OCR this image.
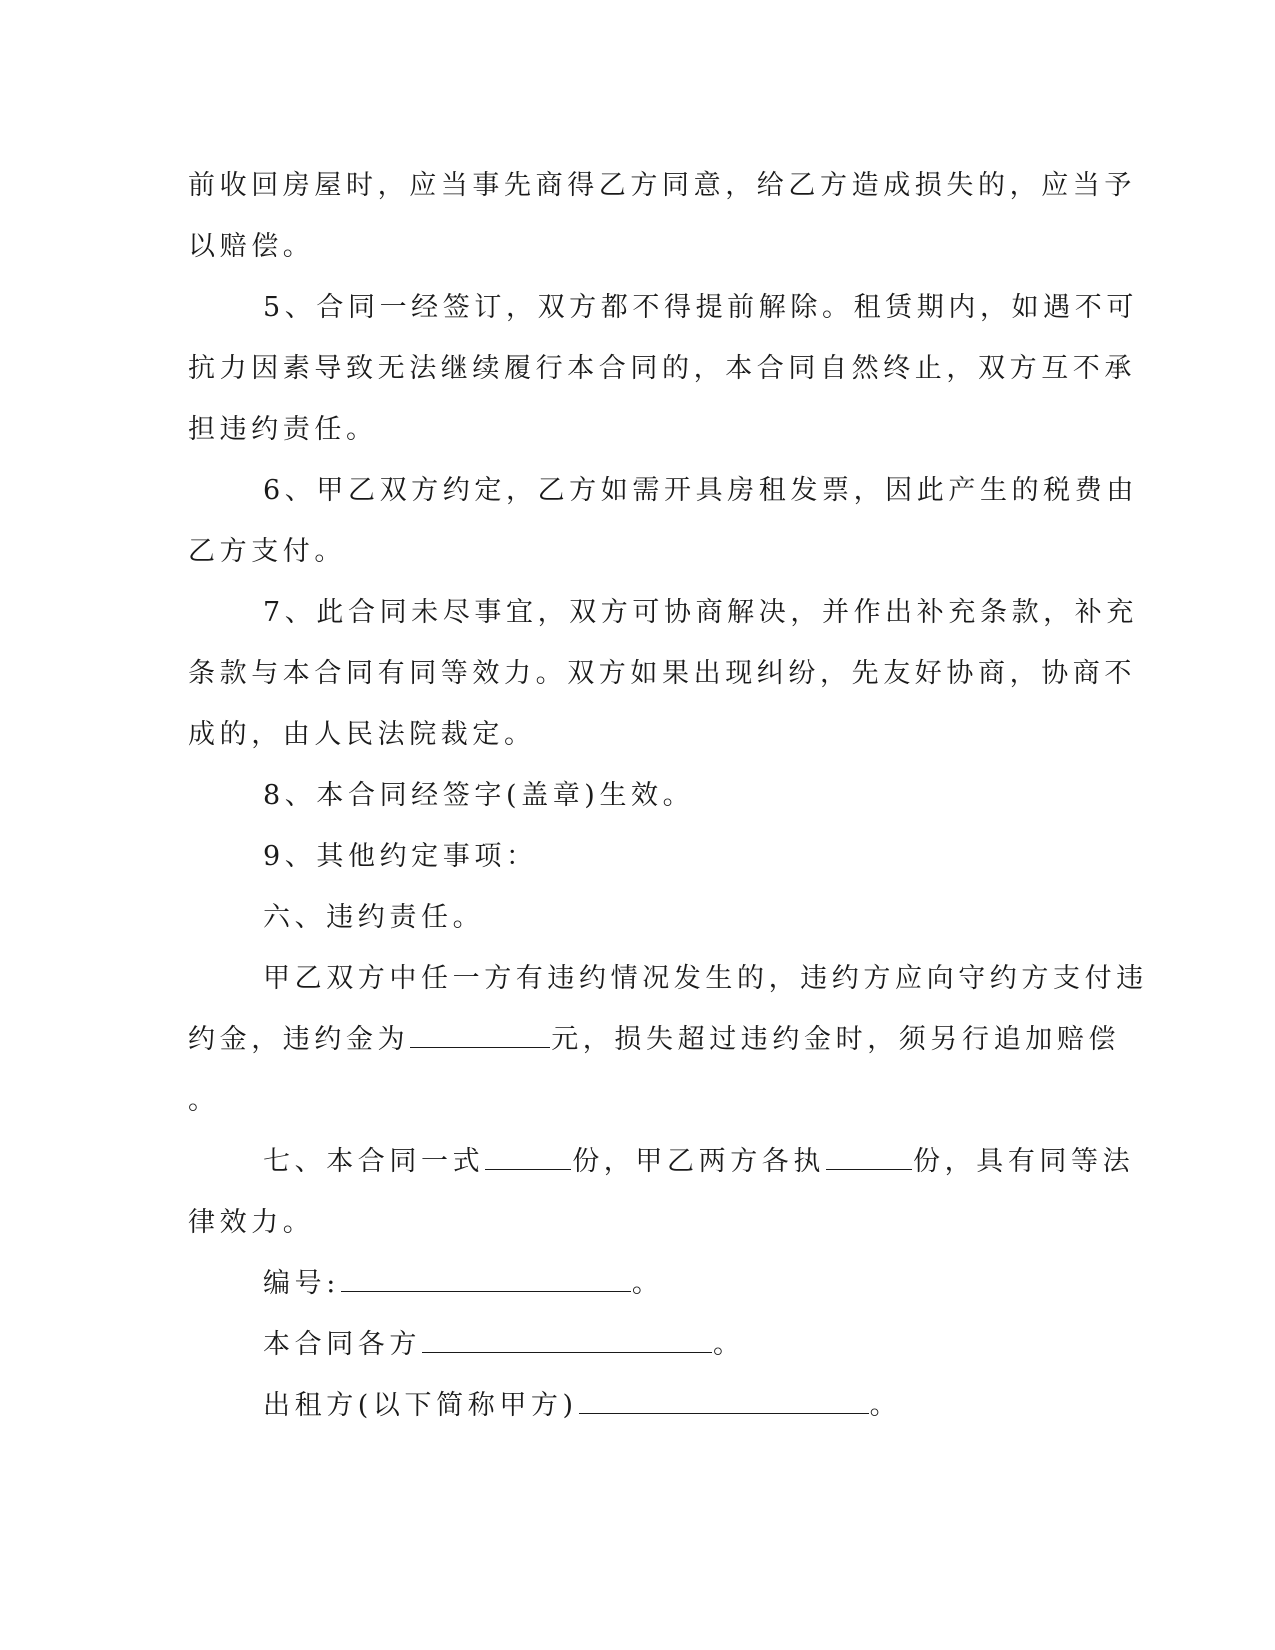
前收回房屋时，应当事先商得乙方同意，给乙方造成损失的，应当予
以赔偿。
5、合同一经签订，双方都不得提前解除。租赁期内，如遇不可
抗力因素导致无法继续履行本合同的，本合同自然终止，双方互不承
担违约责任。
6、甲乙双方约定，乙方如需开具房租发票，因此产生的税费由
乙方支付。
7、此合同未尽事宜，双方可协商解决，并作出补充条款，补充
条款与本合同有同等效力。双方如果出现纠纷，先友好协商，协商不
成的，由人民法院裁定。
8、本合同经签字(盖章)生效。
9、其他约定事项：
六、违约责任。
甲乙双方中任一方有违约情况发生的，违约方应向守约方支付违
约金，违约金为	元，损失超过违约金时，须另行追加赔偿
。
七、本合同一式	份，甲乙两方各执	份，具有同等法
律效力。
编号:	。
本合同各方	。
出租方(以下简称甲方)	。
